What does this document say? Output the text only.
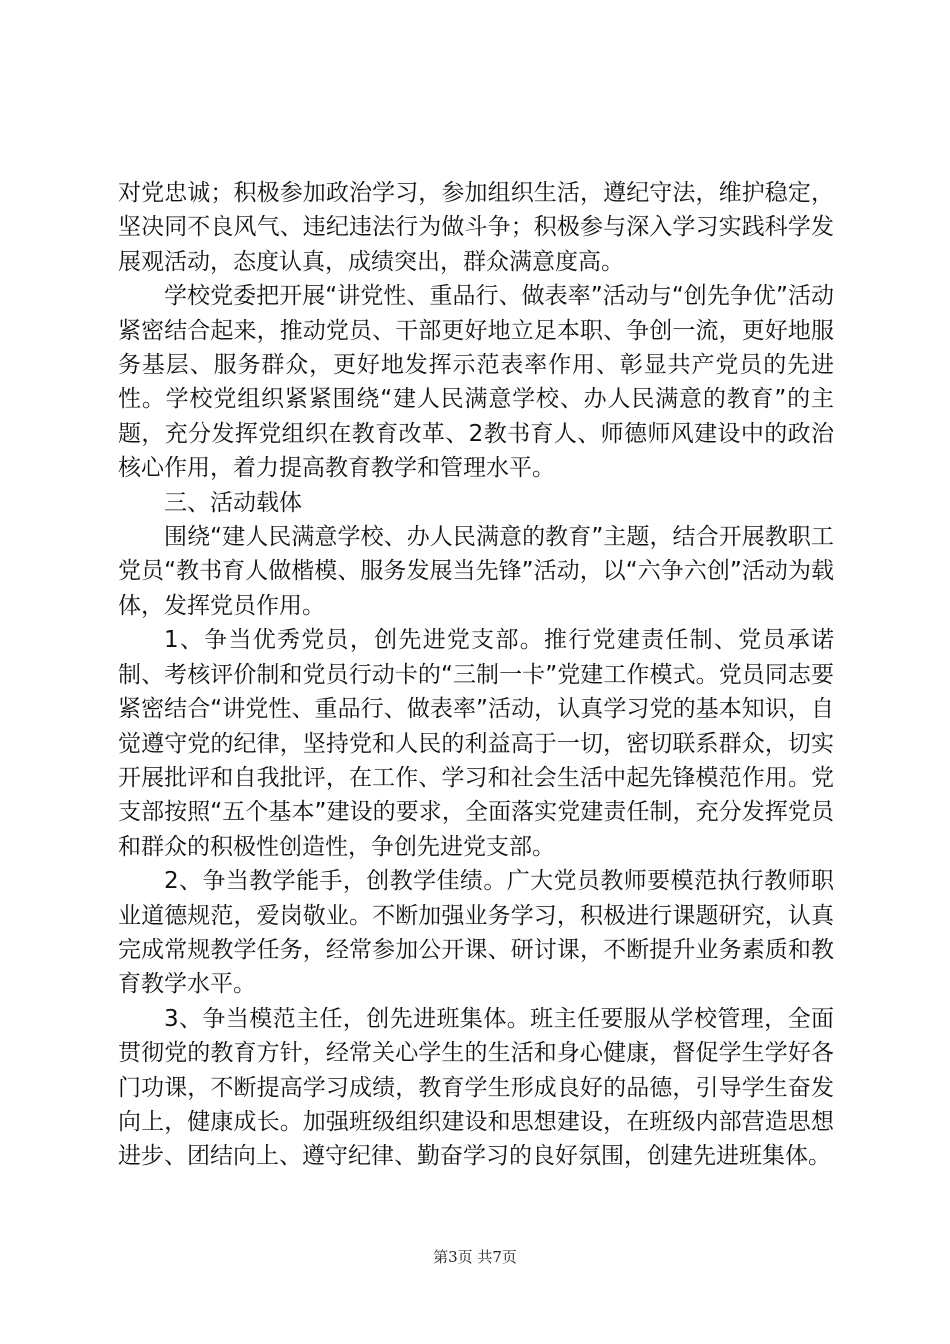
对党忠诚；积极参加政治学习，参加组织生活，遵纪守法，维护稳定，坚决同不良风气、违纪违法行为做斗争；积极参与深入学习实践科学发展观活动，态度认真，成绩突出，群众满意度高。

学校党委把开展“讲党性、重品行、做表率”活动与“创先争优”活动紧密结合起来，推动党员、干部更好地立足本职、争创一流，更好地服务基层、服务群众，更好地发挥示范表率作用、彰显共产党员的先进性。学校党组织紧紧围绕“建人民满意学校、办人民满意的教育”的主题，充分发挥党组织在教育改革、2教书育人、师德师风建设中的政治核心作用，着力提高教育教学和管理水平。

三、活动载体

围绕“建人民满意学校、办人民满意的教育”主题，结合开展教职工党员“教书育人做楷模、服务发展当先锋”活动，以“六争六创”活动为载体，发挥党员作用。

1、争当优秀党员，创先进党支部。推行党建责任制、党员承诺制、考核评价制和党员行动卡的“三制一卡”党建工作模式。党员同志要紧密结合“讲党性、重品行、做表率”活动，认真学习党的基本知识，自觉遵守党的纪律，坚持党和人民的利益高于一切，密切联系群众，切实开展批评和自我批评，在工作、学习和社会生活中起先锋模范作用。党支部按照“五个基本”建设的要求，全面落实党建责任制，充分发挥党员和群众的积极性创造性，争创先进党支部。

2、争当教学能手，创教学佳绩。广大党员教师要模范执行教师职业道德规范，爱岗敬业。不断加强业务学习，积极进行课题研究，认真完成常规教学任务，经常参加公开课、研讨课，不断提升业务素质和教育教学水平。

3、争当模范主任，创先进班集体。班主任要服从学校管理，全面贯彻党的教育方针，经常关心学生的生活和身心健康，督促学生学好各门功课，不断提高学习成绩，教育学生形成良好的品德，引导学生奋发向上，健康成长。加强班级组织建设和思想建设，在班级内部营造思想进步、团结向上、遵守纪律、勤奋学习的良好氛围，创建先进班集体。

第3页 共7页
